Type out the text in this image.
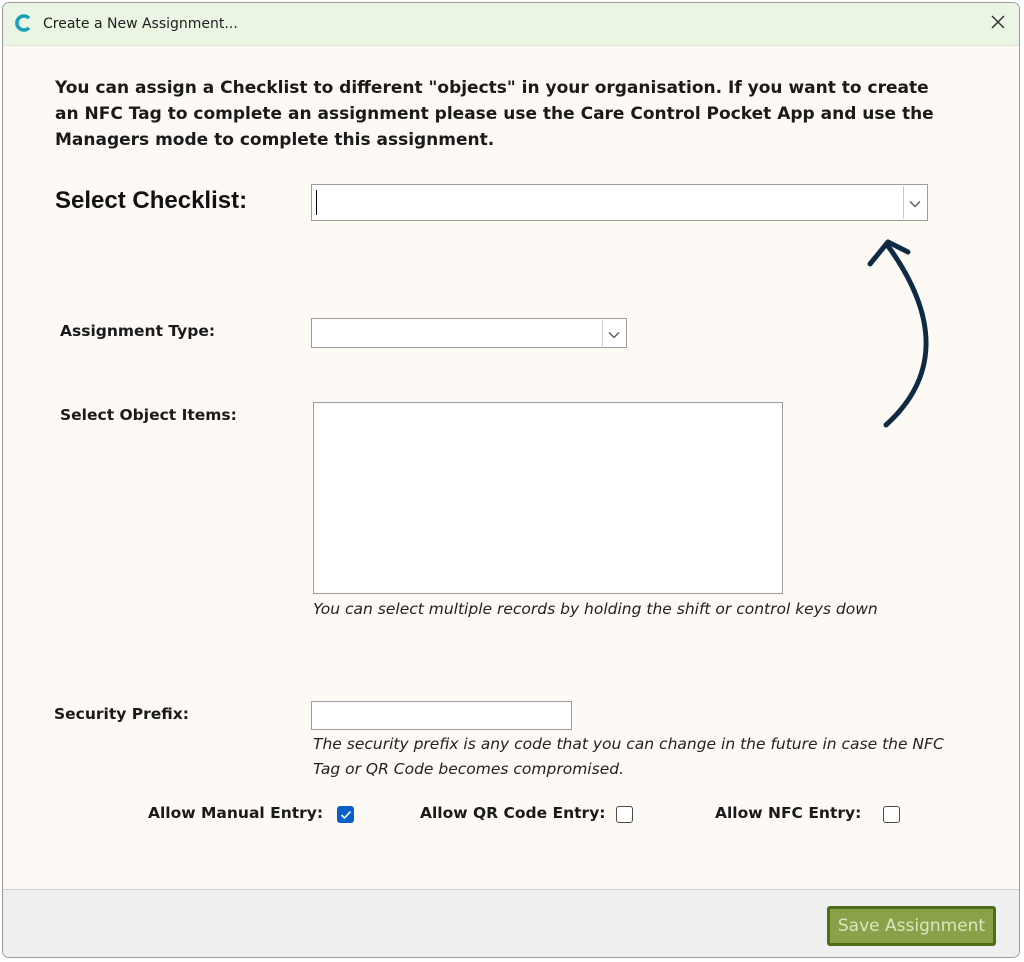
Create a New Assignment...
You can assign a Checklist to different "objects" in your organisation. If you want to create an NFC Tag to complete an assignment please use the Care Control Pocket App and use the Managers mode to complete this assignment.
Select Checklist:
Assignment Type:
Select Object Items:
You can select multiple records by holding the shift or control keys down
Security Prefix:
The security prefix is any code that you can change in the future in case the NFC Tag or QR Code becomes compromised.
Allow Manual Entry:	Allow QR Code Entry:	Allow NFC Entry:
Save Assignment
